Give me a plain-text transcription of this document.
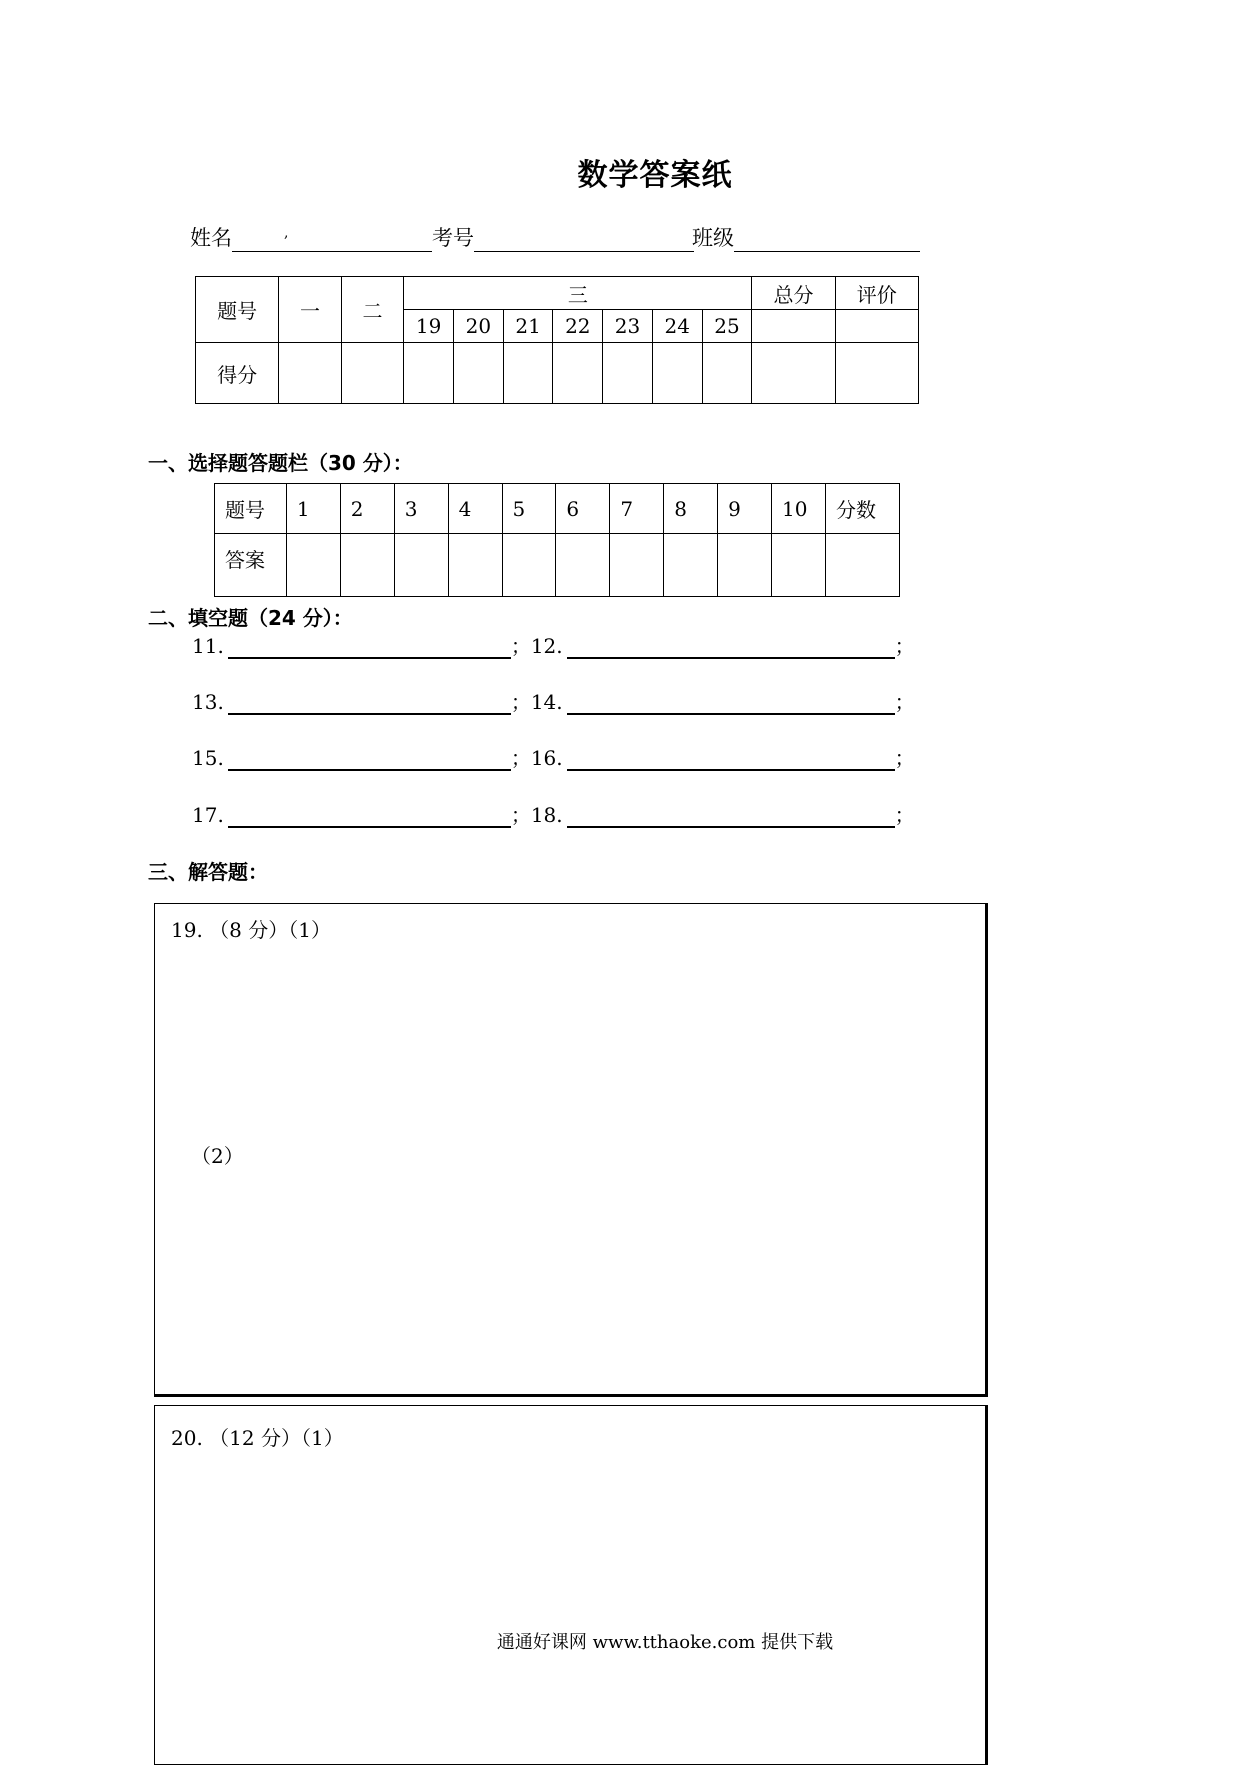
数学答案纸
姓名	,	考号	班级
题号	一	二	三							总分	评价
			19	20	21	22	23	24	25		
得分											
一、选择题答题栏（30 分）：
题号	1	2	3	4	5	6	7	8	9	10	分数
答案											
二、填空题（24 分）：
11.	；12.	；
13.	；14.	；
15.	；16.	；
17.	；18.	；
三、解答题：
19. （8 分）（1）
（2）
20. （12 分）（1）
通通好课网 www.tthaoke.com 提供下载
